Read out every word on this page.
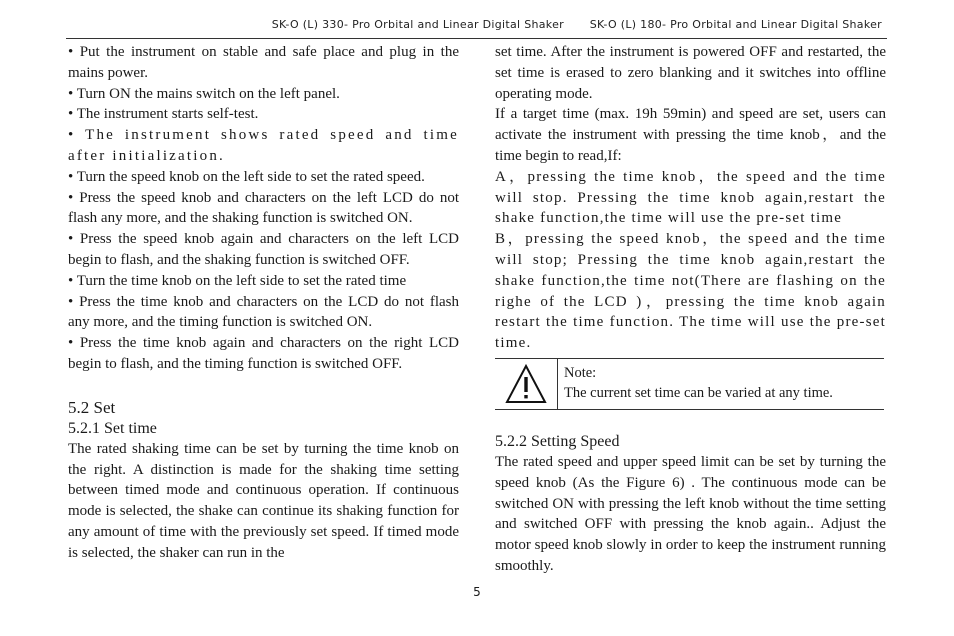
SK-O (L) 330- Pro Orbital and Linear Digital Shaker SK-O (L) 180- Pro Orbital and Linear Digital Shaker

• Put the instrument on stable and safe place and plug in the mains power.

• Turn ON the mains switch on the left panel.

• The instrument starts self-test.

• The instrument shows rated speed and time after initialization.

• Turn the speed knob on the left side to set the rated speed.

• Press the speed knob and characters on the left LCD do not flash any more, and the shaking function is switched ON.

• Press the speed knob again and characters on the left LCD begin to flash, and the shaking function is switched OFF.

• Turn the time knob on the left side to set the rated time

• Press the time knob and characters on the LCD do not flash any more, and the timing function is switched ON.

• Press the time knob again and characters on the right LCD begin to flash, and the timing function is switched OFF.

5.2 Set

5.2.1 Set time

The rated shaking time can be set by turning the time knob on the right. A distinction is made for the shaking time setting between timed mode and continuous operation. If continuous mode is selected, the shake can continue its shaking function for any amount of time with the previously set speed. If timed mode is selected, the shaker can run in the

set time. After the instrument is powered OFF and restarted, the set time is erased to zero blanking and it switches into offline operating mode.

If a target time (max. 19h 59min) and speed are set, users can activate the instrument with pressing the time knob，and the time begin to read,If:

A，pressing the time knob，the speed and the time will stop. Pressing the time knob again,restart the shake function,the time will use the pre-set time

B，pressing the speed knob，the speed and the time will stop; Pressing the time knob again,restart the shake function,the time not(There are flashing on the righe of the LCD )，pressing the time knob again restart the time function. The time will use the pre-set time.

Note:
The current set time can be varied at any time.

5.2.2 Setting Speed

The rated speed and upper speed limit can be set by turning the speed knob (As the Figure 6) . The continuous mode can be switched ON with pressing the left knob without the time setting and switched OFF with pressing the knob again.. Adjust the motor speed knob slowly in order to keep the instrument running smoothly.

5
